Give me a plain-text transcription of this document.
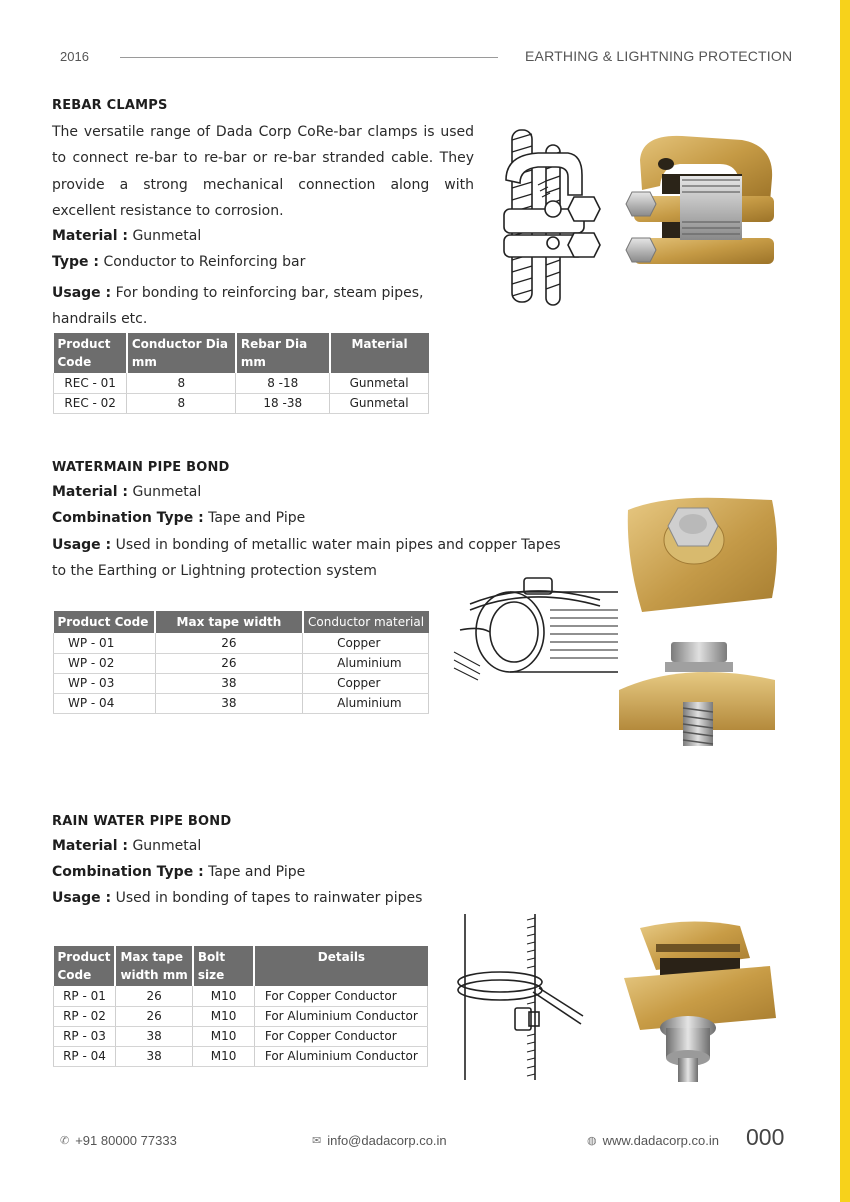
2016	EARTHING & LIGHTNING PROTECTION
REBAR CLAMPS
The versatile range of Dada Corp CoRe-bar clamps is used to connect re-bar to re-bar or re-bar stranded cable. They provide a strong mechanical connection along with excellent resistance to corrosion.
Material : Gunmetal
Type : Conductor to Reinforcing bar
Usage : For bonding to reinforcing bar, steam pipes, handrails etc.
Product Code	Conductor Dia mm	Rebar Dia mm	Material
REC - 01	8	8 -18	Gunmetal
REC - 02	8	18 -38	Gunmetal
WATERMAIN PIPE BOND
Material : Gunmetal
Combination Type : Tape and Pipe
Usage : Used in bonding of metallic water main pipes and copper Tapes to the Earthing or Lightning protection system
Product Code	Max tape width	Conductor material
WP - 01	26	Copper
WP - 02	26	Aluminium
WP - 03	38	Copper
WP - 04	38	Aluminium
RAIN WATER PIPE BOND
Material : Gunmetal
Combination Type : Tape and Pipe
Usage : Used in bonding of tapes to rainwater pipes
Product Code	Max tape width mm	Bolt size	Details
RP - 01	26	M10	For Copper Conductor
RP - 02	26	M10	For Aluminium Conductor
RP - 03	38	M10	For Copper Conductor
RP - 04	38	M10	For Aluminium Conductor
✆ +91 80000 77333	✉ info@dadacorp.co.in	◍ www.dadacorp.co.in 000
